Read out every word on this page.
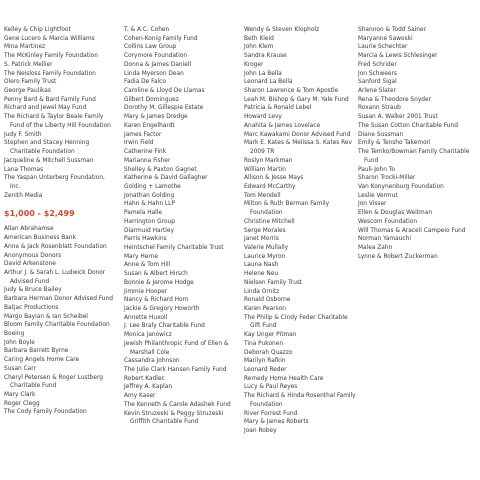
Kelley & Chip Lightfoot
Gene Lucero & Marcia Williams
Mina Martinez
The McKinley Family Foundation
S. Patrick Mellier
The Neisloss Family Foundation
Olero Family Trust
George Paulikas
Penny Bard & Bard Family Fund
Richard and Jewel May Fund
The Richard & Taylor Beale Family Fund of the Liberty Hill Foundation
Judy F. Smith
Stephen and Stacey Henning Charitable Foundation
Jacqueline & Mitchell Sussman
Lana Thomas
The Yaspan Unterberg Foundation, Inc.
Zenith Media
$1,000 - $2,499
Allan Abrahamse
American Business Bank
Anne & Jack Rosenblatt Foundation
Anonymous Donors
David Arkenstone
Arthur J. & Sarah L. Ludwick Donor Advised Fund
Judy & Bruce Bailey
Barbara Herman Donor Advised Fund
Batjac Productions
Margo Bayian & Ian Scheibel
Bloom Family Charitable Foundation
Boeing
John Boyle
Barbara Barrett Byrne
Caring Angels Home Care
Susan Carr
Cheryl Petersen & Roger Lustberg Charitable Fund
Mary Clark
Roger Clegg
The Cody Family Foundation
T. & A.C. Cohen
Cohen-Konig Family Fund
Collins Law Group
Corymore Foundation
Donna & James Daniell
Linda Myerson Dean
Fadia De Falco
Caroline & Lloyd De Llamas
Gilbert Dominguez
Dorothy M. Gillespie Estate
Mary & James Dredge
Karen Engelhardt
James Factor
Irwin Field
Catherine Fink
Marianna Fisher
Shelley & Paxton Gagnet
Katherine & David Gallagher
Golding + Lamothe
Jonathan Golding
Hahn & Hahn LLP
Pamela Halle
Harrington Group
Diarmuid Hartley
Parris Hawkins
Heintschel Family Charitable Trust
Mary Herne
Anne & Tom Hill
Susan & Albert Hirsch
Bonnie & Jerome Hodge
Jimmie Hooper
Nancy & Richard Horn
Jackie & Gregory Howorth
Annette Huxoll
J. Lee Braly Charitable Fund
Monica Janowicz
Jewish Philanthropic Fund of Ellen & Marshall Cole
Cassandra Johnson
The Julie Clark Hansen Family Fund
Robert Kadlec
Jeffrey A. Kaplan
Amy Kaser
The Kenneth & Carole Adashek Fund
Kevin Struzeski & Peggy Struzeski Griffith Charitable Fund
Wendy & Steven Klopholz
Beth Kleid
John Klem
Sandra Krause
Kroger
John La Bella
Leonard La Bella
Sharon Lawrence & Tom Apostle
Leah M. Bishop & Gary M. Yale Fund
Patricia & Ronald Lebel
Howard Levy
Anahita & James Lovelace
Marc Kawakami Donor Advised Fund
Mark E. Kates & Melissa S. Kates Rev 2009 TR
Roslyn Markman
William Martin
Allison & Jesse Mays
Edward McCarthy
Tom Mendell
Milton & Ruth Berman Family Foundation
Christine Mitchell
Serge Morales
Janet Morris
Valerie Mullally
Laurice Myron
Launa Nash
Helene Neu
Nielsen Family Trust
Linda Ornitz
Ronald Osborne
Karen Pearson
The Philip & Cindy Feder Charitable Gift Fund
Kay Unger Pitman
Tina Pukonen
Deborah Quazzo
Marilyn Rafkin
Leonard Reder
Remedy Home Health Care
Lucy & Paul Reyes
The Richard & Hinda Rosenthal Family Foundation
River Forrest Fund
Mary & James Roberts
Joan Robey
Shannon & Todd Sainer
Maryanne Sawoski
Laurie Schechter
Marcia & Lewis Schlesinger
Fred Schrider
Jon Schweers
Sanford Sigal
Arlene Slater
Rena & Theodore Snyder
Roxann Straub
Susan A. Walker 2001 Trust
The Susan Cotton Charitable Fund
Diane Sussman
Emily & Tensho Takemori
The Temko/Bowman Family Charitable Fund
Pauli-John To
Sharon Trocki-Miller
Van Konynenburg Foundation
Leslie Vermut
Jon Visser
Ellen & Douglas Weitman
Wescom Foundation
Will Thomas & Araceli Campeio Fund
Norman Yamauchi
Malea Zahn
Lynne & Robert Zuckerman
